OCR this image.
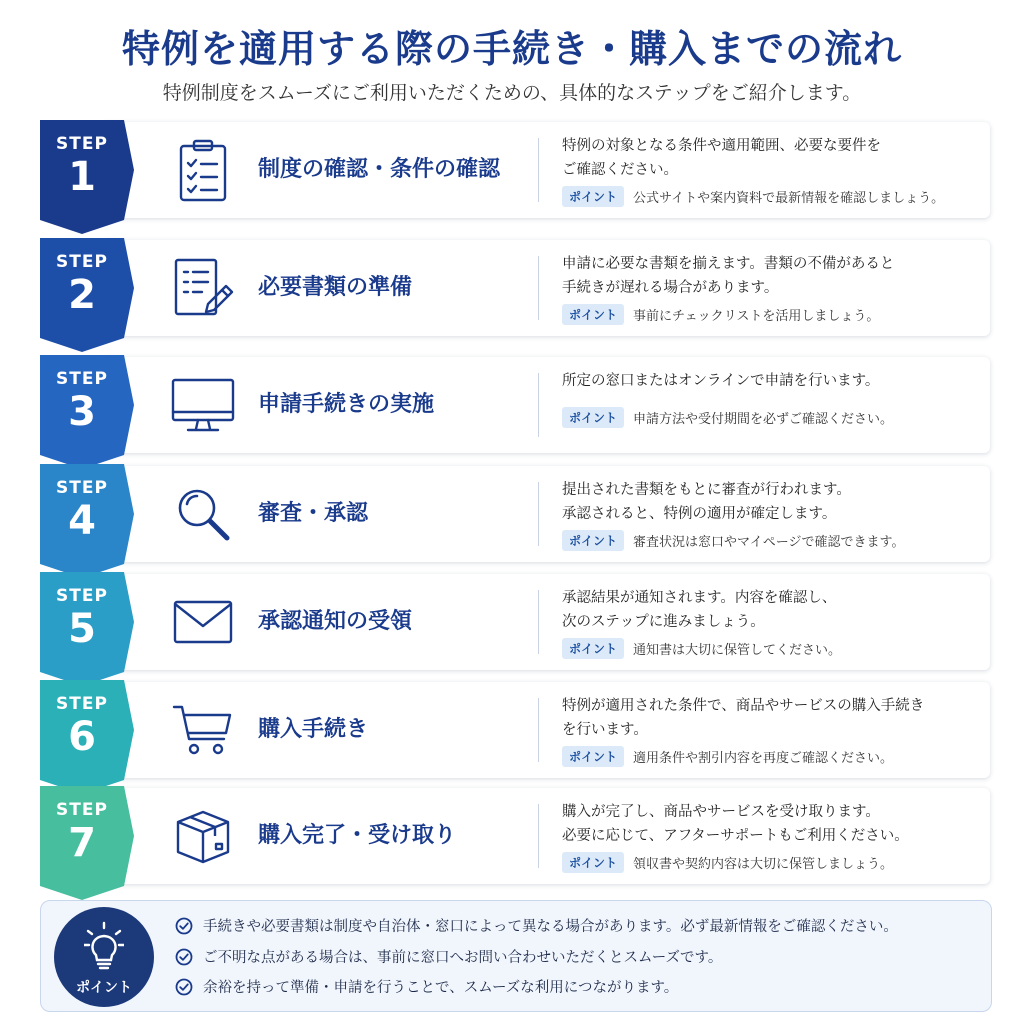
特例を適用する際の手続き・購入までの流れ
特例制度をスムーズにご利用いただくための、具体的なステップをご紹介します。
STEP
1	制度の確認・条件の確認
特例の対象となる条件や適用範囲、必要な要件を
ご確認ください。
ポイント	公式サイトや案内資料で最新情報を確認しましょう。
STEP
2	必要書類の準備
申請に必要な書類を揃えます。書類の不備があると
手続きが遅れる場合があります。
ポイント	事前にチェックリストを活用しましょう。
STEP
3	申請手続きの実施
所定の窓口またはオンラインで申請を行います。
ポイント	申請方法や受付期間を必ずご確認ください。
STEP
4	審査・承認
提出された書類をもとに審査が行われます。
承認されると、特例の適用が確定します。
ポイント	審査状況は窓口やマイページで確認できます。
STEP
5	承認通知の受領
承認結果が通知されます。内容を確認し、
次のステップに進みましょう。
ポイント	通知書は大切に保管してください。
STEP
6	購入手続き
特例が適用された条件で、商品やサービスの購入手続き
を行います。
ポイント	適用条件や割引内容を再度ご確認ください。
STEP
7	購入完了・受け取り
購入が完了し、商品やサービスを受け取ります。
必要に応じて、アフターサポートもご利用ください。
ポイント	領収書や契約内容は大切に保管しましょう。
ポイント
手続きや必要書類は制度や自治体・窓口によって異なる場合があります。必ず最新情報をご確認ください。
ご不明な点がある場合は、事前に窓口へお問い合わせいただくとスムーズです。
余裕を持って準備・申請を行うことで、スムーズな利用につながります。
